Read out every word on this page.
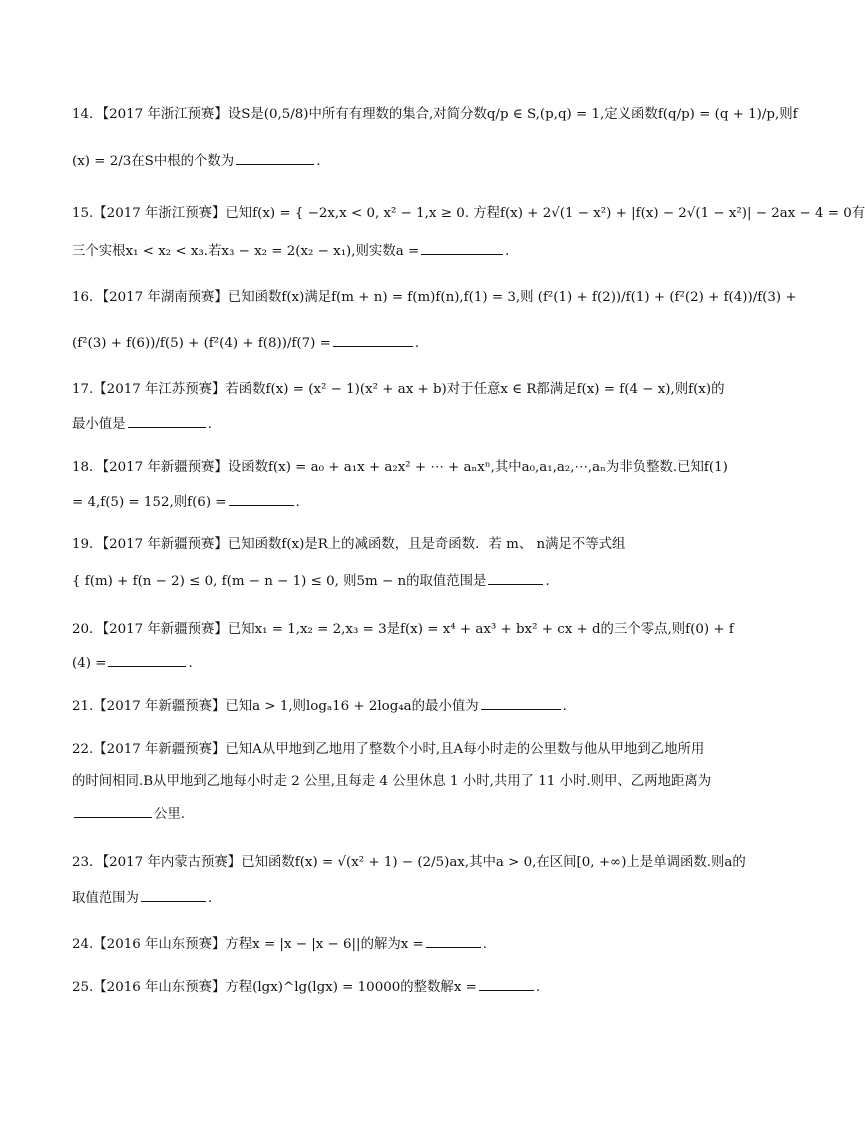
14．【2017 年浙江预赛】设S是(0,5/8)中所有有理数的集合,对简分数q/p ∈ S,(p,q) = 1,定义函数f(q/p) = (q + 1)/p,则f
(x) = 2/3在S中根的个数为	.
15.【2017 年浙江预赛】已知f(x) = { −2x,x < 0, x² − 1,x ≥ 0. 方程f(x) + 2√(1 − x²) + |f(x) − 2√(1 − x²)| − 2ax − 4 = 0有
三个实根x₁ < x₂ < x₃.若x₃ − x₂ = 2(x₂ − x₁),则实数a =	.
16．【2017 年湖南预赛】已知函数f(x)满足f(m + n) = f(m)f(n),f(1) = 3,则 (f²(1) + f(2))/f(1) + (f²(2) + f(4))/f(3) +
(f²(3) + f(6))/f(5) + (f²(4) + f(8))/f(7) =	.
17.【2017 年江苏预赛】若函数f(x) = (x² − 1)(x² + ax + b)对于任意x ∈ R都满足f(x) = f(4 − x),则f(x)的
最小值是	.
18．【2017 年新疆预赛】设函数f(x) = a₀ + a₁x + a₂x² + ⋯ + aₙxⁿ,其中a₀,a₁,a₂,⋯,aₙ为非负整数.已知f(1)
= 4,f(5) = 152,则f(6) =	.
19．【2017 年新疆预赛】已知函数f(x)是R上的减函数，且是奇函数．若 m、 n满足不等式组
{ f(m) + f(n − 2) ≤ 0, f(m − n − 1) ≤ 0, 则5m − n的取值范围是	.
20．【2017 年新疆预赛】已知x₁ = 1,x₂ = 2,x₃ = 3是f(x) = x⁴ + ax³ + bx² + cx + d的三个零点,则f(0) + f
(4) =	.
21.【2017 年新疆预赛】已知a > 1,则logₐ16 + 2log₄a的最小值为	.
22.【2017 年新疆预赛】已知A从甲地到乙地用了整数个小时,且A每小时走的公里数与他从甲地到乙地所用
的时间相同.B从甲地到乙地每小时走 2 公里,且每走 4 公里休息 1 小时,共用了 11 小时.则甲、乙两地距离为
公里.
23．【2017 年内蒙古预赛】已知函数f(x) = √(x² + 1) − (2/5)ax,其中a > 0,在区间[0, +∞)上是单调函数.则a的
取值范围为	.
24.【2016 年山东预赛】方程x = |x − |x − 6||的解为x =	.
25.【2016 年山东预赛】方程(lgx)^lg(lgx) = 10000的整数解x =	.
